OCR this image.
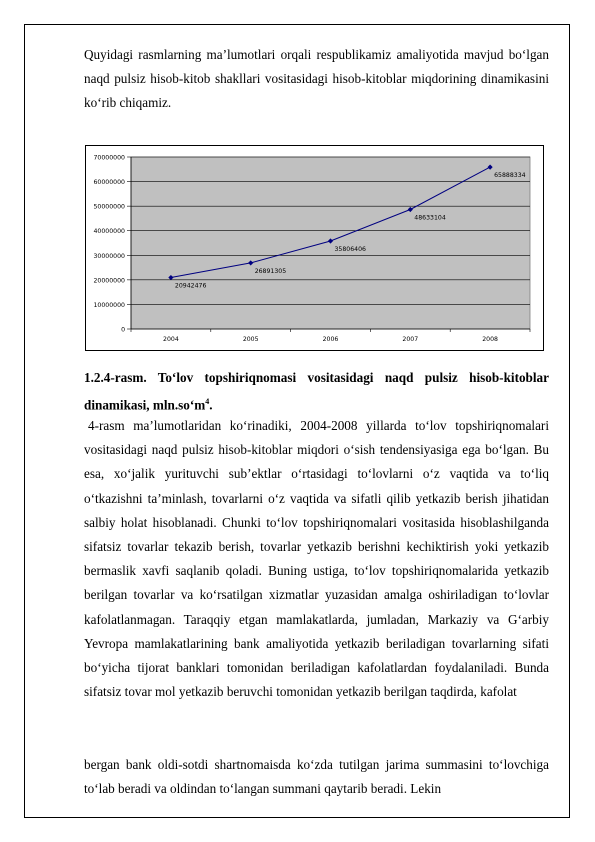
Quyidagi rasmlarning ma’lumotlari orqali respublikamiz amaliyotida mavjud bo‘lgan naqd pulsiz hisob-kitob shakllari vositasidagi hisob-kitoblar miqdorining dinamikasini ko‘rib chiqamiz.

0
10000000
20000000
30000000
40000000
50000000
60000000
70000000
2004	2005	2006	2007	2008
20942476
26891305
35806406
48633104
65888334

1.2.4-rasm. To‘lov topshiriqnomasi vositasidagi naqd pulsiz hisob-kitoblar dinamikasi, $mln.so‘m^4$.

4-rasm ma’lumotlaridan ko‘rinadiki, 2004-2008 yillarda to‘lov topshiriqnomalari vositasidagi naqd pulsiz hisob-kitoblar miqdori o‘sish tendensiyasiga ega bo‘lgan. Bu esa, xo‘jalik yurituvchi sub’ektlar o‘rtasidagi to‘lovlarni o‘z vaqtida va to‘liq o‘tkazishni ta’minlash, tovarlarni o‘z vaqtida va sifatli qilib yetkazib berish jihatidan salbiy holat hisoblanadi. Chunki to‘lov topshiriqnomalari vositasida hisoblashilganda sifatsiz tovarlar tekazib berish, tovarlar yetkazib berishni kechiktirish yoki yetkazib bermaslik xavfi saqlanib qoladi. Buning ustiga, to‘lov topshiriqnomalarida yetkazib berilgan tovarlar va ko‘rsatilgan xizmatlar yuzasidan amalga oshiriladigan to‘lovlar kafolatlanmagan. Taraqqiy etgan mamlakatlarda, jumladan, Markaziy va G‘arbiy Yevropa mamlakatlarining bank amaliyotida yetkazib beriladigan tovarlarning sifati bo‘yicha tijorat banklari tomonidan beriladigan kafolatlardan foydalaniladi. Bunda sifatsiz tovar mol yetkazib beruvchi tomonidan yetkazib berilgan taqdirda, kafolat

bergan bank oldi-sotdi shartnomaisda ko‘zda tutilgan jarima summasini to‘lovchiga to‘lab beradi va oldindan to‘langan summani qaytarib beradi. Lekin
